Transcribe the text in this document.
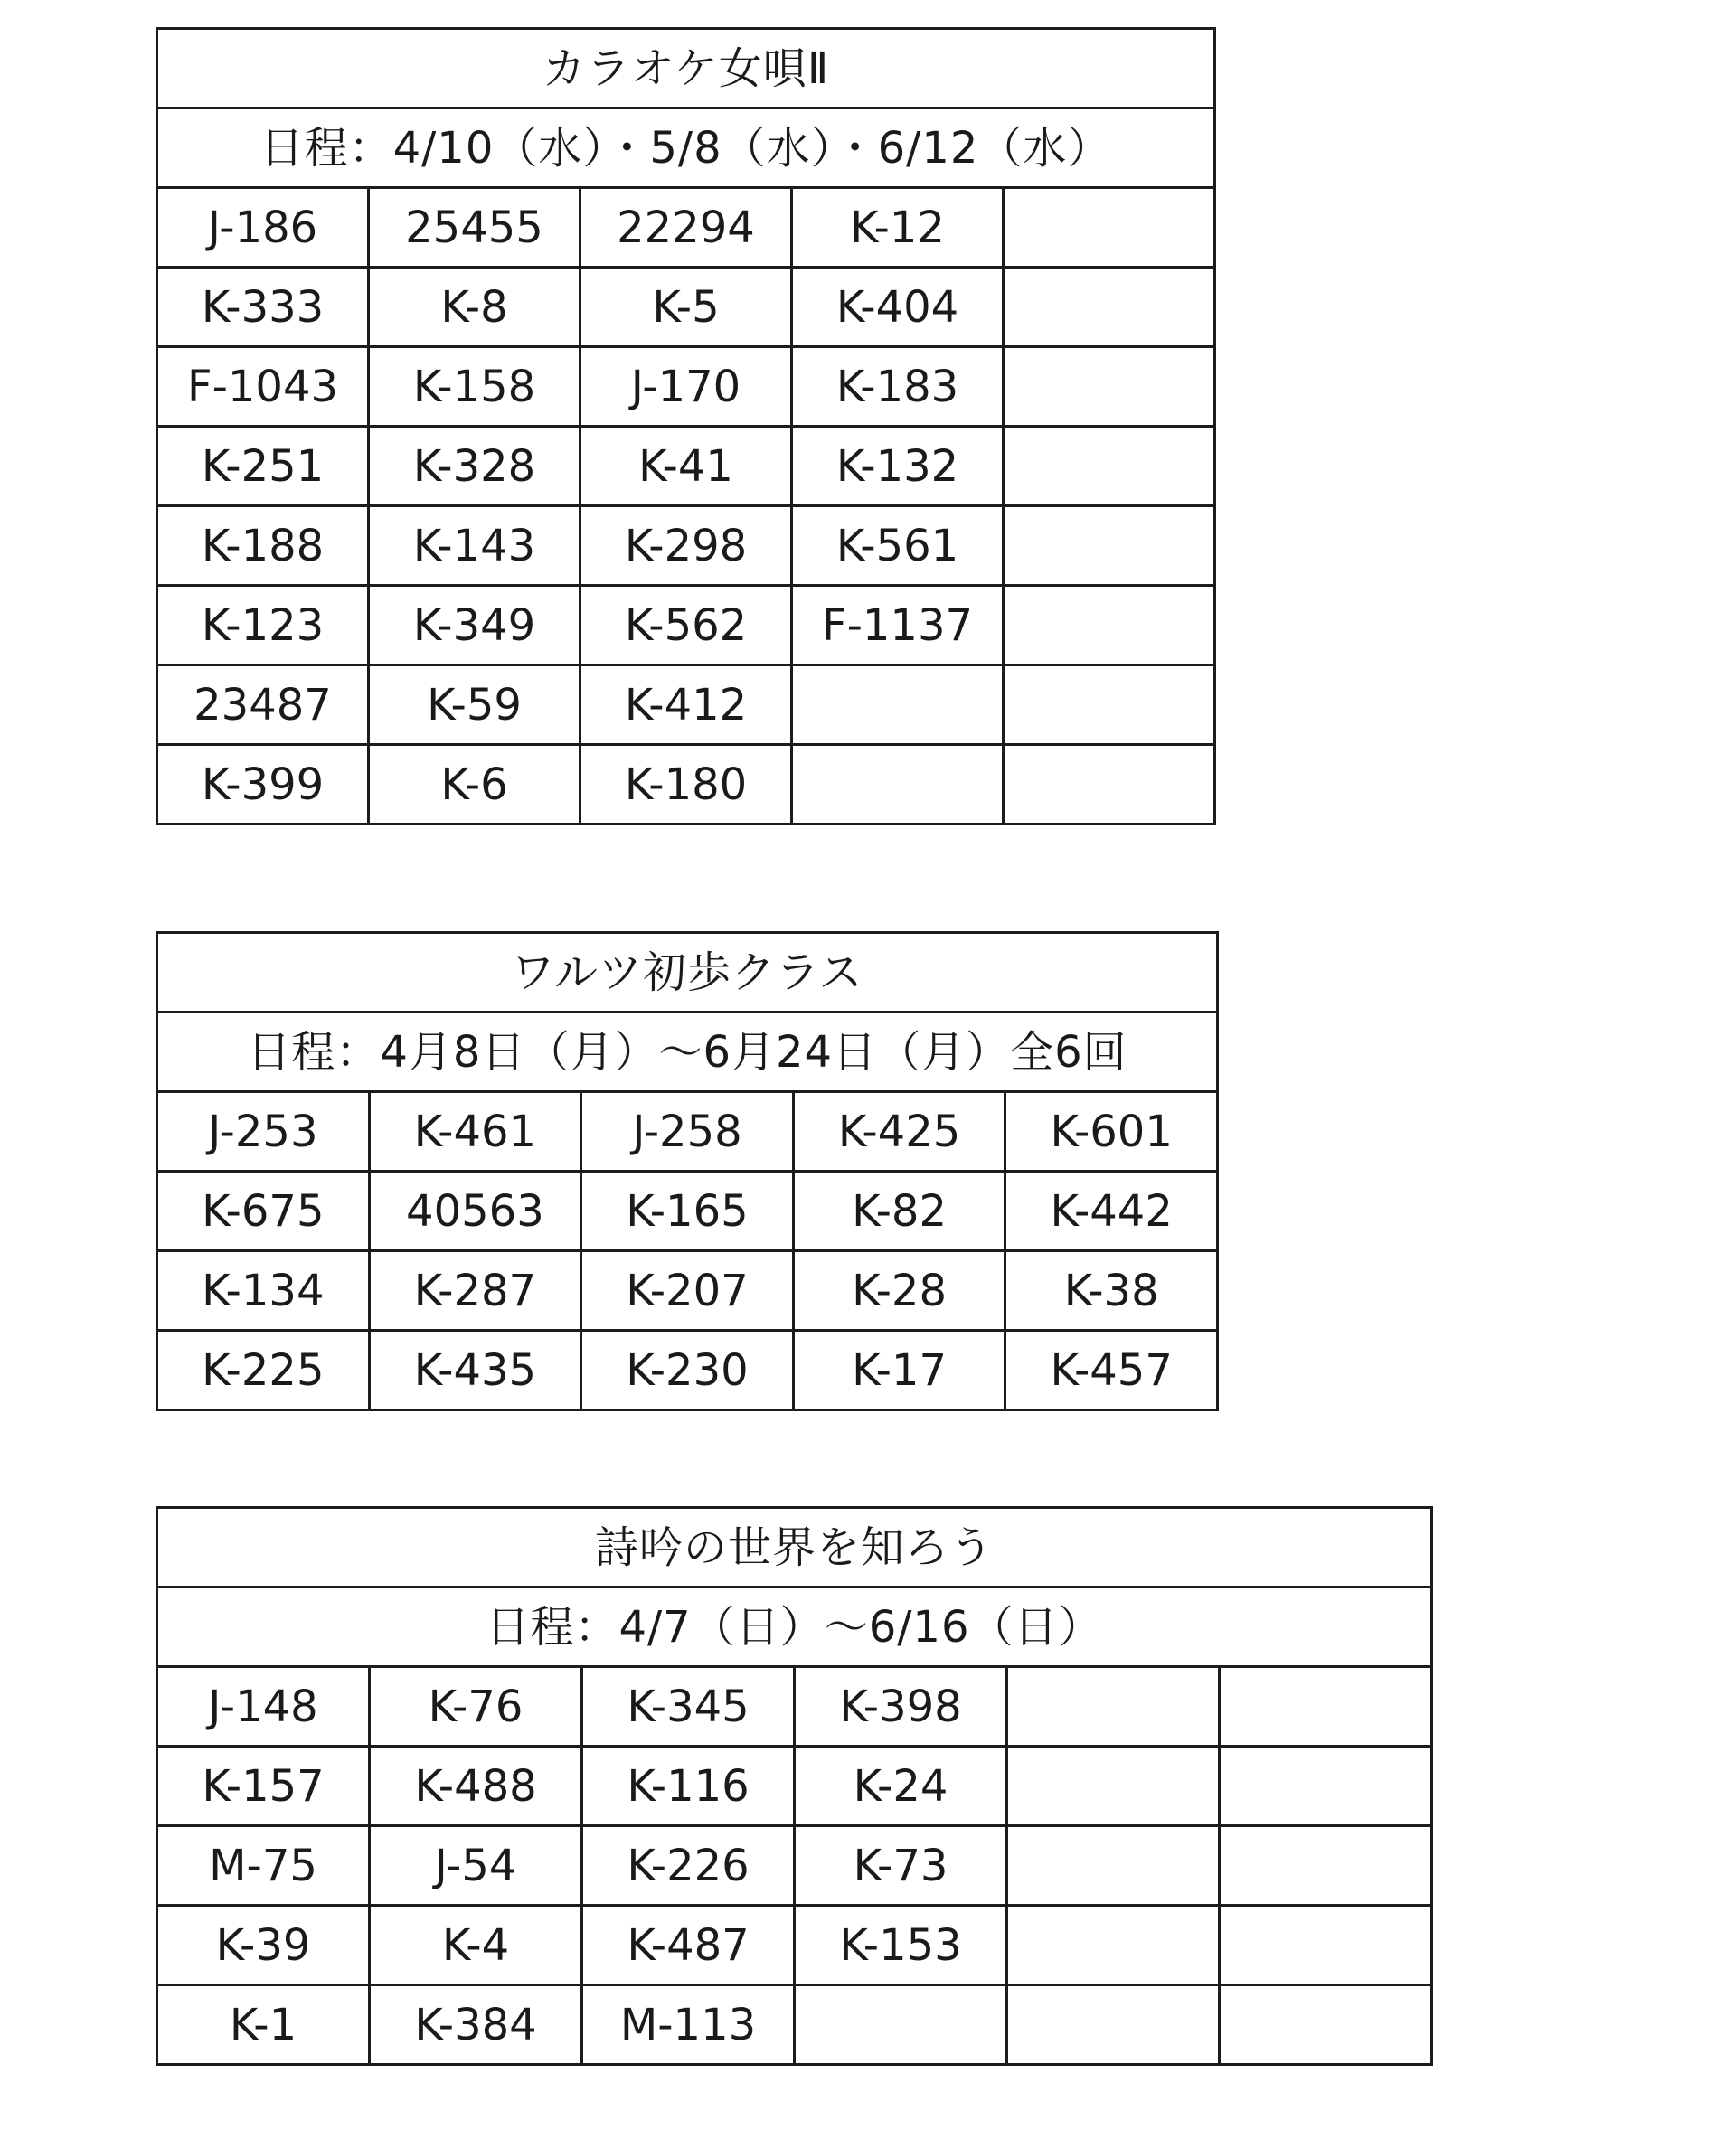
カラオケ女唄Ⅱ				
日程：4/10（水）・5/8（水）・6/12（水）				
J-186	25455	22294	K-12	
K-333	K-8	K-5	K-404	
F-1043	K-158	J-170	K-183	
K-251	K-328	K-41	K-132	
K-188	K-143	K-298	K-561	
K-123	K-349	K-562	F-1137	
23487	K-59	K-412		
K-399	K-6	K-180		
ワルツ初歩クラス				
日程：4月8日（月）～6月24日（月）全6回				
J-253	K-461	J-258	K-425	K-601
K-675	40563	K-165	K-82	K-442
K-134	K-287	K-207	K-28	K-38
K-225	K-435	K-230	K-17	K-457
詩吟の世界を知ろう					
日程：4/7（日）～6/16（日）					
J-148	K-76	K-345	K-398		
K-157	K-488	K-116	K-24		
M-75	J-54	K-226	K-73		
K-39	K-4	K-487	K-153		
K-1	K-384	M-113			
